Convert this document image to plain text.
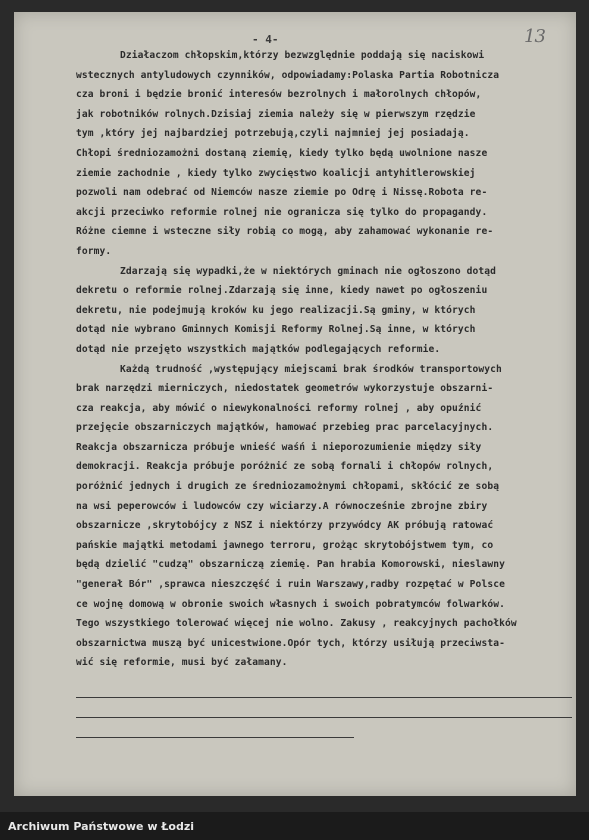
- 4-	13
Działaczom chłopskim,którzy bezwzględnie poddają się naciskowi
wstecznych antyludowych czynników, odpowiadamy:Polaska Partia Robotnicza
cza broni i będzie bronić interesów bezrolnych i małorolnych chłopów,
jak robotników rolnych.Dzisiaj ziemia należy się w pierwszym rzędzie
tym ,który jej najbardziej potrzebują,czyli najmniej jej posiadają.
Chłopi średniozamożni dostaną ziemię, kiedy tylko będą uwolnione nasze
ziemie zachodnie , kiedy tylko zwycięstwo koalicji antyhitlerowskiej
pozwoli nam odebrać od Niemców nasze ziemie po Odrę i Nissę.Robota re-
akcji przeciwko reformie rolnej nie ogranicza się tylko do propagandy.
Różne ciemne i wsteczne siły robią co mogą, aby zahamować wykonanie re-
formy.
Zdarzają się wypadki,że w niektórych gminach nie ogłoszono dotąd
dekretu o reformie rolnej.Zdarzają się inne, kiedy nawet po ogłoszeniu
dekretu, nie podejmują kroków ku jego realizacji.Są gminy, w których
dotąd nie wybrano Gminnych Komisji Reformy Rolnej.Są inne, w których
dotąd nie przejęto wszystkich majątków podlegających reformie.
Każdą trudność ,występujący miejscami brak środków transportowych
brak narzędzi mierniczych, niedostatek geometrów wykorzystuje obszarni-
cza reakcja, aby mówić o niewykonalności reformy rolnej , aby opuźnić
przejęcie obszarniczych majątków, hamować przebieg prac parcelacyjnych.
Reakcja obszarnicza próbuje wnieść waśń i nieporozumienie między siły
demokracji. Reakcja próbuje poróżnić ze sobą fornali i chłopów rolnych,
poróżnić jednych i drugich ze średniozamożnymi chłopami, skłócić ze sobą
na wsi peperowców i ludowców czy wiciarzy.A równocześnie zbrojne zbiry
obszarnicze ,skrytobójcy z NSZ i niektórzy przywódcy AK próbują ratować
pańskie majątki metodami jawnego terroru, grożąc skrytobójstwem tym, co
będą dzielić "cudzą" obszarniczą ziemię. Pan hrabia Komorowski, nieslawny
"generał Bór" ,sprawca nieszczęść i ruin Warszawy,radby rozpętać w Polsce
ce wojnę domową w obronie swoich własnych i swoich pobratymców folwarków.
Tego wszystkiego tolerować więcej nie wolno. Zakusy , reakcyjnych pachołków
obszarnictwa muszą być unicestwione.Opór tych, którzy usiłują przeciwsta-
wić się reformie, musi być załamany.
Archiwum Państwowe w Łodzi
